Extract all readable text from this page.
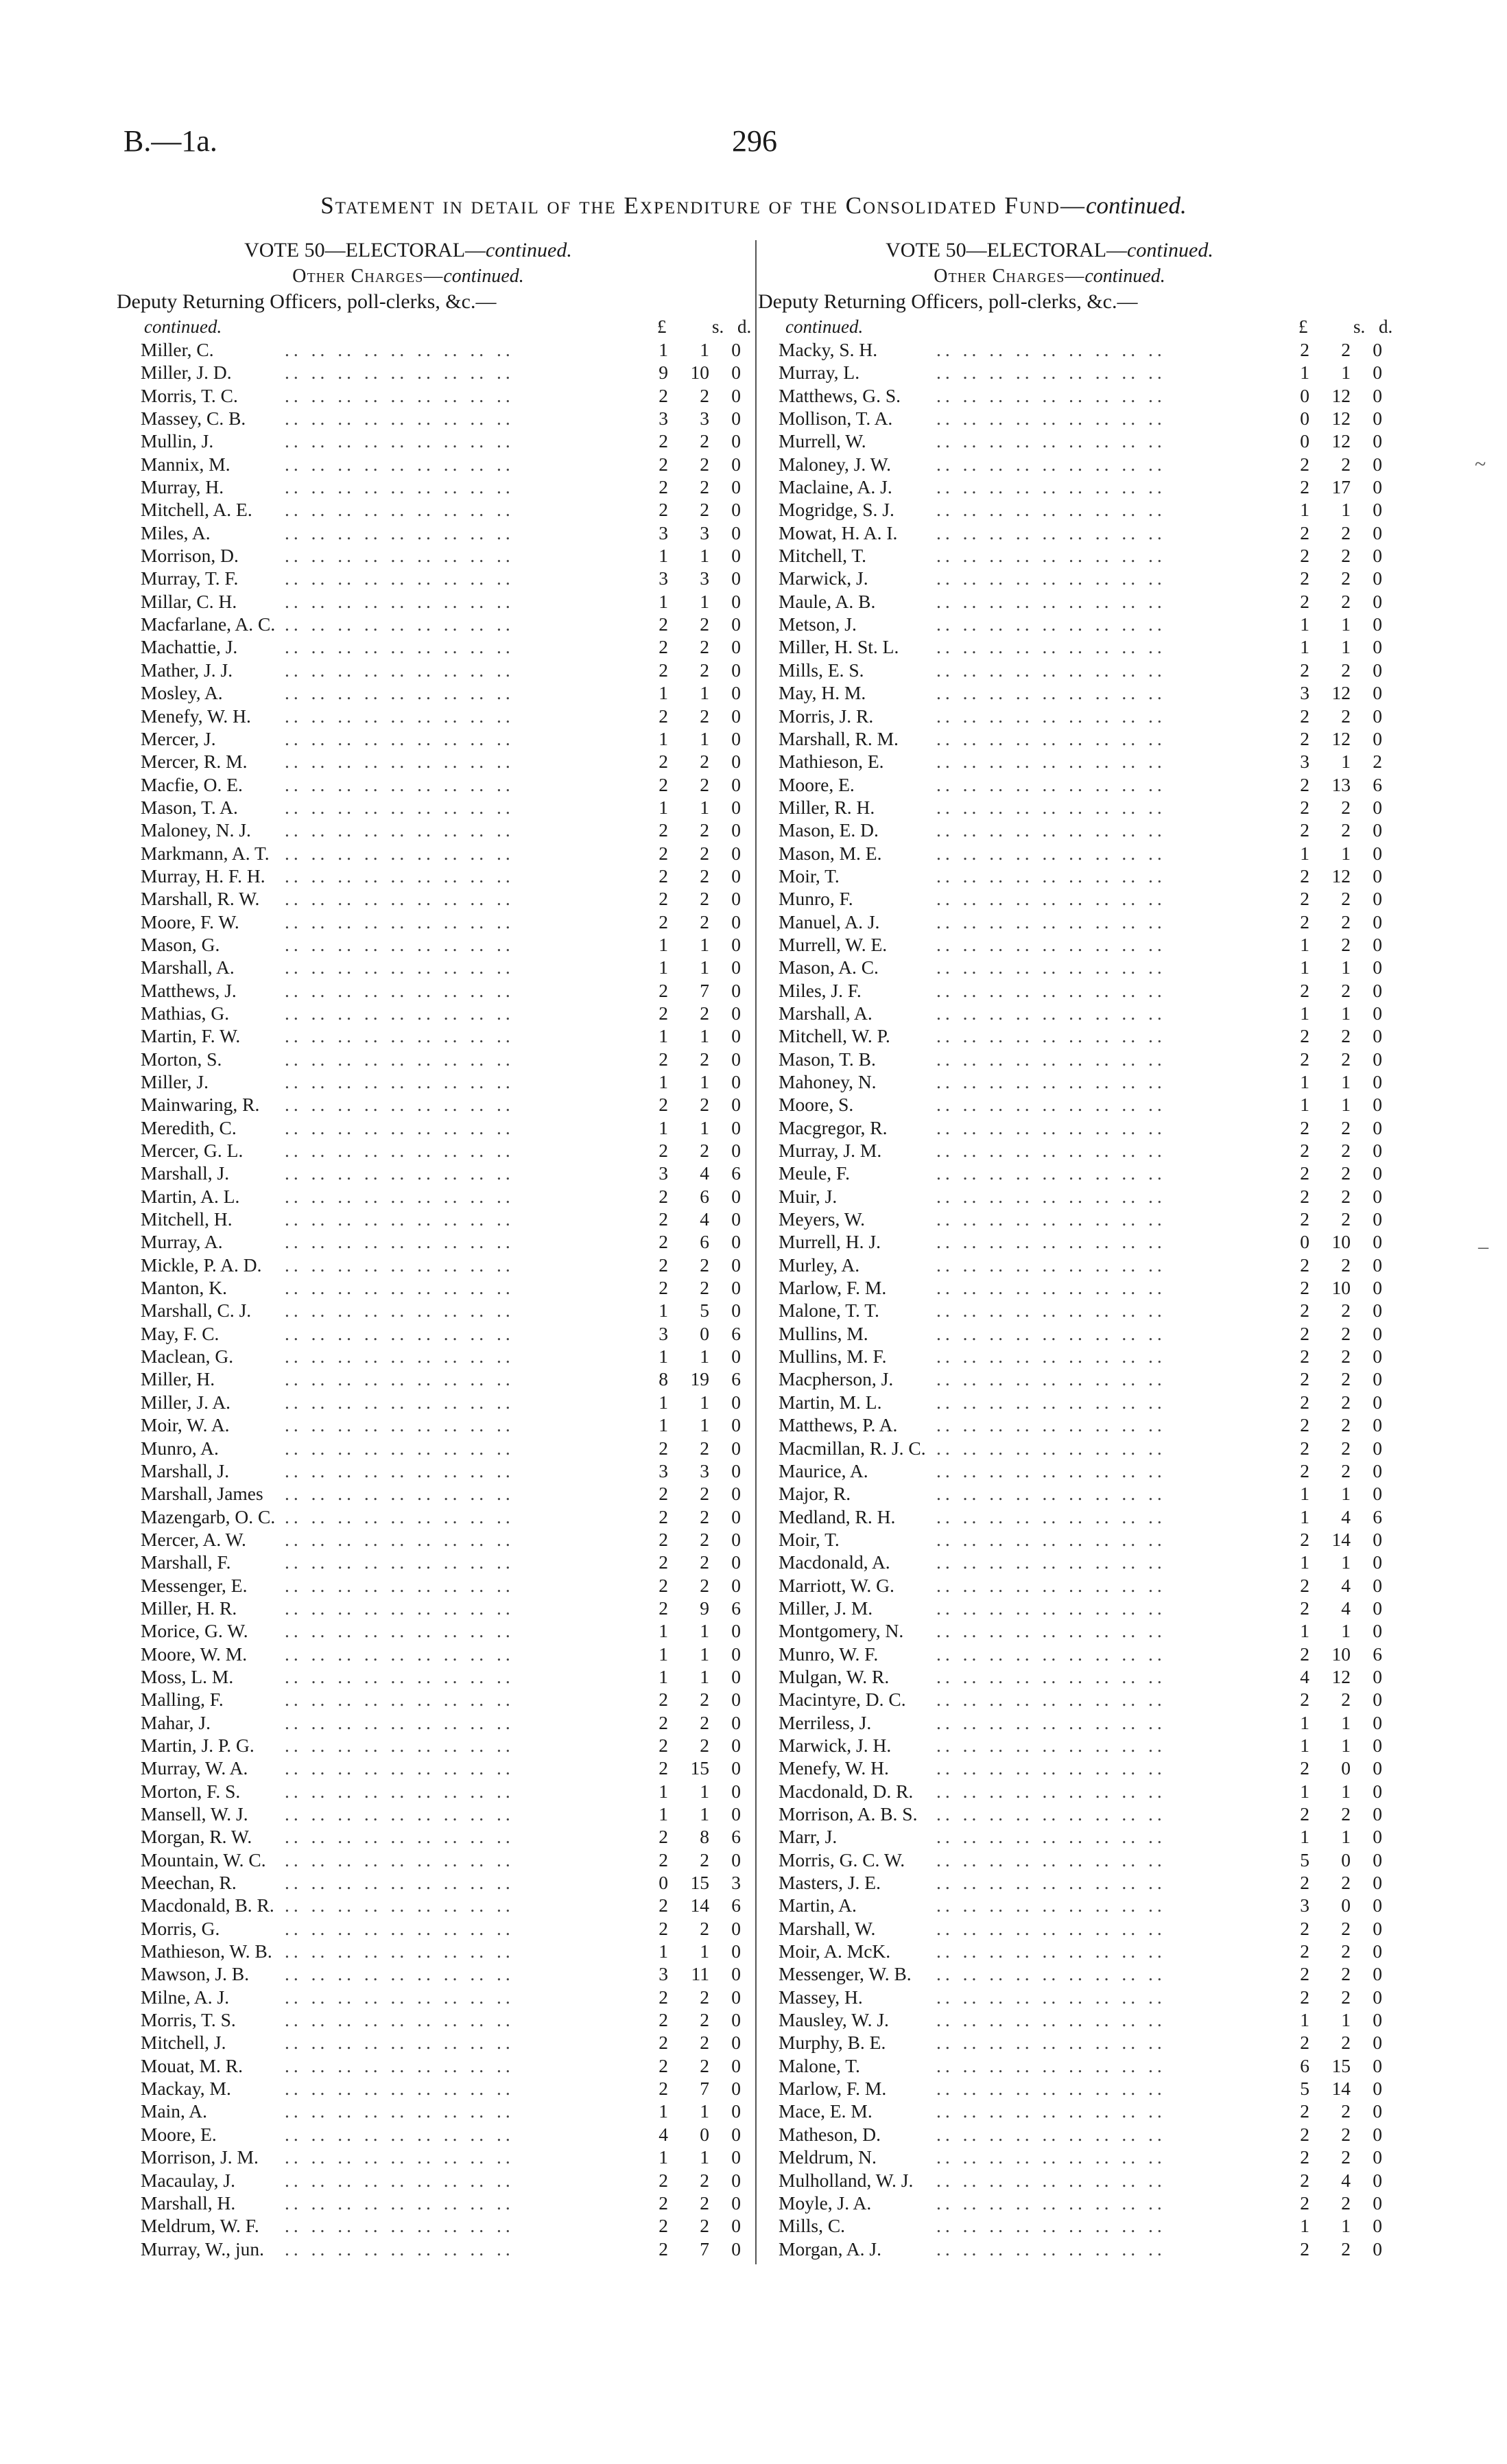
B.—1a.	296
Statement in detail of the Expenditure of the Consolidated Fund—continued.
VOTE 50—ELECTORAL—continued.
Other Charges—continued.
Deputy Returning Officers, poll-clerks, &c.—
continued.	£ s. d.
Miller, C.	.. .. .. .. .. .. .. .. ..	1	1	0
Miller, J. D.	.. .. .. .. .. .. .. .. ..	9	10	0
Morris, T. C. .. .. .. .. .. .. .. .. ..	2	2	0
Massey, C. B. .. .. .. .. .. .. .. .. ..	3	3	0
Mullin, J.	.. .. .. .. .. .. .. .. ..	2	2	0
Mannix, M.	.. .. .. .. .. .. .. .. ..	2	2	0
Murray, H.	.. .. .. .. .. .. .. .. ..	2	2	0
Mitchell, A. E. .. .. .. .. .. .. .. .. ..	2	2	0
Miles, A.	.. .. .. .. .. .. .. .. ..	3	3	0
Morrison, D. .. .. .. .. .. .. .. .. ..	1	1	0
Murray, T. F. .. .. .. .. .. .. .. .. ..	3	3	0
Millar, C. H.	.. .. .. .. .. .. .. .. ..	1	1	0
Macfarlane, A. C. .. .. .. .. .. .. .. .. ..	2	2	0
Machattie, J. .. .. .. .. .. .. .. .. ..	2	2	0
Mather, J. J.	.. .. .. .. .. .. .. .. ..	2	2	0
Mosley, A.	.. .. .. .. .. .. .. .. ..	1	1	0
Menefy, W. H. .. .. .. .. .. .. .. .. ..	2	2	0
Mercer, J.	.. .. .. .. .. .. .. .. ..	1	1	0
Mercer, R. M. .. .. .. .. .. .. .. .. ..	2	2	0
Macfie, O. E. .. .. .. .. .. .. .. .. ..	2	2	0
Mason, T. A. .. .. .. .. .. .. .. .. ..	1	1	0
Maloney, N. J. .. .. .. .. .. .. .. .. ..	2	2	0
Markmann, A. T. .. .. .. .. .. .. .. .. ..	2	2	0
Murray, H. F. H. .. .. .. .. .. .. .. .. ..	2	2	0
Marshall, R. W. .. .. .. .. .. .. .. .. ..	2	2	0
Moore, F. W. .. .. .. .. .. .. .. .. ..	2	2	0
Mason, G.	.. .. .. .. .. .. .. .. ..	1	1	0
Marshall, A.	.. .. .. .. .. .. .. .. ..	1	1	0
Matthews, J.	.. .. .. .. .. .. .. .. ..	2	7	0
Mathias, G.	.. .. .. .. .. .. .. .. ..	2	2	0
Martin, F. W. .. .. .. .. .. .. .. .. ..	1	1	0
Morton, S.	.. .. .. .. .. .. .. .. ..	2	2	0
Miller, J.	.. .. .. .. .. .. .. .. ..	1	1	0
Mainwaring, R. .. .. .. .. .. .. .. .. ..	2	2	0
Meredith, C.	.. .. .. .. .. .. .. .. ..	1	1	0
Mercer, G. L. .. .. .. .. .. .. .. .. ..	2	2	0
Marshall, J.	.. .. .. .. .. .. .. .. ..	3	4	6
Martin, A. L. .. .. .. .. .. .. .. .. ..	2	6	0
Mitchell, H.	.. .. .. .. .. .. .. .. ..	2	4	0
Murray, A.	.. .. .. .. .. .. .. .. ..	2	6	0
Mickle, P. A. D. .. .. .. .. .. .. .. .. ..	2	2	0
Manton, K.	.. .. .. .. .. .. .. .. ..	2	2	0
Marshall, C. J. .. .. .. .. .. .. .. .. ..	1	5	0
May, F. C.	.. .. .. .. .. .. .. .. ..	3	0	6
Maclean, G.	.. .. .. .. .. .. .. .. ..	1	1	0
Miller, H.	.. .. .. .. .. .. .. .. ..	8	19	6
Miller, J. A.	.. .. .. .. .. .. .. .. ..	1	1	0
Moir, W. A.	.. .. .. .. .. .. .. .. ..	1	1	0
Munro, A.	.. .. .. .. .. .. .. .. ..	2	2	0
Marshall, J.	.. .. .. .. .. .. .. .. ..	3	3	0
Marshall, James .. .. .. .. .. .. .. .. ..	2	2	0
Mazengarb, O. C. .. .. .. .. .. .. .. .. ..	2	2	0
Mercer, A. W. .. .. .. .. .. .. .. .. ..	2	2	0
Marshall, F.	.. .. .. .. .. .. .. .. ..	2	2	0
Messenger, E. .. .. .. .. .. .. .. .. ..	2	2	0
Miller, H. R.	.. .. .. .. .. .. .. .. ..	2	9	6
Morice, G. W. .. .. .. .. .. .. .. .. ..	1	1	0
Moore, W. M. .. .. .. .. .. .. .. .. ..	1	1	0
Moss, L. M.	.. .. .. .. .. .. .. .. ..	1	1	0
Malling, F.	.. .. .. .. .. .. .. .. ..	2	2	0
Mahar, J.	.. .. .. .. .. .. .. .. ..	2	2	0
Martin, J. P. G. .. .. .. .. .. .. .. .. ..	2	2	0
Murray, W. A. .. .. .. .. .. .. .. .. ..	2	15	0
Morton, F. S. .. .. .. .. .. .. .. .. ..	1	1	0
Mansell, W. J. .. .. .. .. .. .. .. .. ..	1	1	0
Morgan, R. W. .. .. .. .. .. .. .. .. ..	2	8	6
Mountain, W. C. .. .. .. .. .. .. .. .. ..	2	2	0
Meechan, R.	.. .. .. .. .. .. .. .. ..	0	15	3
Macdonald, B. R. .. .. .. .. .. .. .. .. ..	2	14	6
Morris, G.	.. .. .. .. .. .. .. .. ..	2	2	0
Mathieson, W. B. .. .. .. .. .. .. .. .. ..	1	1	0
Mawson, J. B. .. .. .. .. .. .. .. .. ..	3	11	0
Milne, A. J.	.. .. .. .. .. .. .. .. ..	2	2	0
Morris, T. S.	.. .. .. .. .. .. .. .. ..	2	2	0
Mitchell, J.	.. .. .. .. .. .. .. .. ..	2	2	0
Mouat, M. R. .. .. .. .. .. .. .. .. ..	2	2	0
Mackay, M.	.. .. .. .. .. .. .. .. ..	2	7	0
Main, A.	.. .. .. .. .. .. .. .. ..	1	1	0
Moore, E.	.. .. .. .. .. .. .. .. ..	4	0	0
Morrison, J. M. .. .. .. .. .. .. .. .. ..	1	1	0
Macaulay, J.	.. .. .. .. .. .. .. .. ..	2	2	0
Marshall, H.	.. .. .. .. .. .. .. .. ..	2	2	0
Meldrum, W. F. .. .. .. .. .. .. .. .. ..	2	2	0
Murray, W., jun. .. .. .. .. .. .. .. .. ..	2	7	0
VOTE 50—ELECTORAL—continued.
Other Charges—continued.
Deputy Returning Officers, poll-clerks, &c.—
continued.	£ s. d.
Macky, S. H.	.. .. .. .. .. .. .. .. ..	2	2	0
Murray, L.	.. .. .. .. .. .. .. .. ..	1	1	0
Matthews, G. S. .. .. .. .. .. .. .. .. ..	0	12	0
Mollison, T. A. .. .. .. .. .. .. .. .. ..	0	12	0
Murrell, W.	.. .. .. .. .. .. .. .. ..	0	12	0
Maloney, J. W. .. .. .. .. .. .. .. .. ..	2	2	0
Maclaine, A. J. .. .. .. .. .. .. .. .. ..	2	17	0
Mogridge, S. J. .. .. .. .. .. .. .. .. ..	1	1	0
Mowat, H. A. I. .. .. .. .. .. .. .. .. ..	2	2	0
Mitchell, T.	.. .. .. .. .. .. .. .. ..	2	2	0
Marwick, J.	.. .. .. .. .. .. .. .. ..	2	2	0
Maule, A. B.	.. .. .. .. .. .. .. .. ..	2	2	0
Metson, J.	.. .. .. .. .. .. .. .. ..	1	1	0
Miller, H. St. L. .. .. .. .. .. .. .. .. ..	1	1	0
Mills, E. S.	.. .. .. .. .. .. .. .. ..	2	2	0
May, H. M.	.. .. .. .. .. .. .. .. ..	3	12	0
Morris, J. R.	.. .. .. .. .. .. .. .. ..	2	2	0
Marshall, R. M. .. .. .. .. .. .. .. .. ..	2	12	0
Mathieson, E.	.. .. .. .. .. .. .. .. ..	3	1	2
Moore, E.	.. .. .. .. .. .. .. .. ..	2	13	6
Miller, R. H.	.. .. .. .. .. .. .. .. ..	2	2	0
Mason, E. D.	.. .. .. .. .. .. .. .. ..	2	2	0
Mason, M. E.	.. .. .. .. .. .. .. .. ..	1	1	0
Moir, T.	.. .. .. .. .. .. .. .. ..	2	12	0
Munro, F.	.. .. .. .. .. .. .. .. ..	2	2	0
Manuel, A. J.	.. .. .. .. .. .. .. .. ..	2	2	0
Murrell, W. E.	.. .. .. .. .. .. .. .. ..	1	2	0
Mason, A. C.	.. .. .. .. .. .. .. .. ..	1	1	0
Miles, J. F.	.. .. .. .. .. .. .. .. ..	2	2	0
Marshall, A.	.. .. .. .. .. .. .. .. ..	1	1	0
Mitchell, W. P. .. .. .. .. .. .. .. .. ..	2	2	0
Mason, T. B.	.. .. .. .. .. .. .. .. ..	2	2	0
Mahoney, N.	.. .. .. .. .. .. .. .. ..	1	1	0
Moore, S.	.. .. .. .. .. .. .. .. ..	1	1	0
Macgregor, R.	.. .. .. .. .. .. .. .. ..	2	2	0
Murray, J. M.	.. .. .. .. .. .. .. .. ..	2	2	0
Meule, F.	.. .. .. .. .. .. .. .. ..	2	2	0
Muir, J.	.. .. .. .. .. .. .. .. ..	2	2	0
Meyers, W.	.. .. .. .. .. .. .. .. ..	2	2	0
Murrell, H. J.	.. .. .. .. .. .. .. .. ..	0	10	0
Murley, A.	.. .. .. .. .. .. .. .. ..	2	2	0
Marlow, F. M.	.. .. .. .. .. .. .. .. ..	2	10	0
Malone, T. T.	.. .. .. .. .. .. .. .. ..	2	2	0
Mullins, M.	.. .. .. .. .. .. .. .. ..	2	2	0
Mullins, M. F.	.. .. .. .. .. .. .. .. ..	2	2	0
Macpherson, J. .. .. .. .. .. .. .. .. ..	2	2	0
Martin, M. L.	.. .. .. .. .. .. .. .. ..	2	2	0
Matthews, P. A. .. .. .. .. .. .. .. .. ..	2	2	0
Macmillan, R. J. C. .. .. .. .. .. .. .. .. ..	2	2	0
Maurice, A.	.. .. .. .. .. .. .. .. ..	2	2	0
Major, R.	.. .. .. .. .. .. .. .. ..	1	1	0
Medland, R. H. .. .. .. .. .. .. .. .. ..	1	4	6
Moir, T.	.. .. .. .. .. .. .. .. ..	2	14	0
Macdonald, A. .. .. .. .. .. .. .. .. ..	1	1	0
Marriott, W. G. .. .. .. .. .. .. .. .. ..	2	4	0
Miller, J. M.	.. .. .. .. .. .. .. .. ..	2	4	0
Montgomery, N. .. .. .. .. .. .. .. .. ..	1	1	0
Munro, W. F.	.. .. .. .. .. .. .. .. ..	2	10	6
Mulgan, W. R.	.. .. .. .. .. .. .. .. ..	4	12	0
Macintyre, D. C. .. .. .. .. .. .. .. .. ..	2	2	0
Merriless, J.	.. .. .. .. .. .. .. .. ..	1	1	0
Marwick, J. H. .. .. .. .. .. .. .. .. ..	1	1	0
Menefy, W. H.	.. .. .. .. .. .. .. .. ..	2	0	0
Macdonald, D. R. .. .. .. .. .. .. .. .. ..	1	1	0
Morrison, A. B. S. .. .. .. .. .. .. .. .. ..	2	2	0
Marr, J.	.. .. .. .. .. .. .. .. ..	1	1	0
Morris, G. C. W. .. .. .. .. .. .. .. .. ..	5	0	0
Masters, J. E.	.. .. .. .. .. .. .. .. ..	2	2	0
Martin, A.	.. .. .. .. .. .. .. .. ..	3	0	0
Marshall, W.	.. .. .. .. .. .. .. .. ..	2	2	0
Moir, A. McK. .. .. .. .. .. .. .. .. ..	2	2	0
Messenger, W. B. .. .. .. .. .. .. .. .. ..	2	2	0
Massey, H.	.. .. .. .. .. .. .. .. ..	2	2	0
Mausley, W. J.	.. .. .. .. .. .. .. .. ..	1	1	0
Murphy, B. E.	.. .. .. .. .. .. .. .. ..	2	2	0
Malone, T.	.. .. .. .. .. .. .. .. ..	6	15	0
Marlow, F. M.	.. .. .. .. .. .. .. .. ..	5	14	0
Mace, E. M.	.. .. .. .. .. .. .. .. ..	2	2	0
Matheson, D.	.. .. .. .. .. .. .. .. ..	2	2	0
Meldrum, N.	.. .. .. .. .. .. .. .. ..	2	2	0
Mulholland, W. J. .. .. .. .. .. .. .. .. ..	2	4	0
Moyle, J. A.	.. .. .. .. .. .. .. .. ..	2	2	0
Mills, C.	.. .. .. .. .. .. .. .. ..	1	1	0
Morgan, A. J.	.. .. .. .. .. .. .. .. ..	2	2	0
~
–
